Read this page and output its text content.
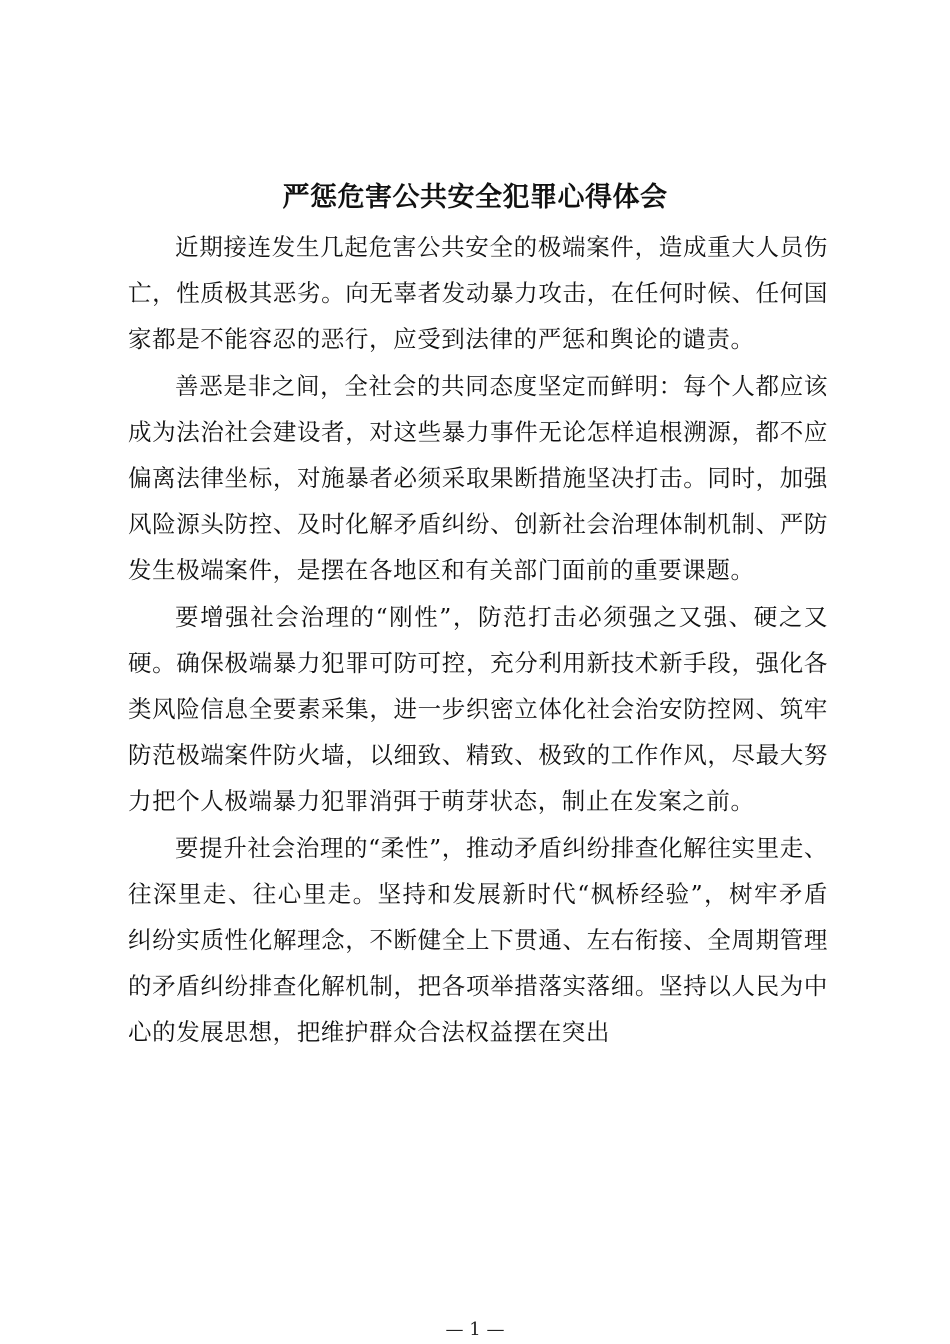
严惩危害公共安全犯罪心得体会

近期接连发生几起危害公共安全的极端案件，造成重大人员伤亡，性质极其恶劣。向无辜者发动暴力攻击，在任何时候、任何国家都是不能容忍的恶行，应受到法律的严惩和舆论的谴责。

善恶是非之间，全社会的共同态度坚定而鲜明：每个人都应该成为法治社会建设者，对这些暴力事件无论怎样追根溯源，都不应偏离法律坐标，对施暴者必须采取果断措施坚决打击。同时，加强风险源头防控、及时化解矛盾纠纷、创新社会治理体制机制、严防发生极端案件，是摆在各地区和有关部门面前的重要课题。

要增强社会治理的“刚性”，防范打击必须强之又强、硬之又硬。确保极端暴力犯罪可防可控，充分利用新技术新手段，强化各类风险信息全要素采集，进一步织密立体化社会治安防控网、筑牢防范极端案件防火墙，以细致、精致、极致的工作作风，尽最大努力把个人极端暴力犯罪消弭于萌芽状态，制止在发案之前。

要提升社会治理的“柔性”，推动矛盾纠纷排查化解往实里走、往深里走、往心里走。坚持和发展新时代“枫桥经验”，树牢矛盾纠纷实质性化解理念，不断健全上下贯通、左右衔接、全周期管理的矛盾纠纷排查化解机制，把各项举措落实落细。坚持以人民为中心的发展思想，把维护群众合法权益摆在突出

— 1 —
